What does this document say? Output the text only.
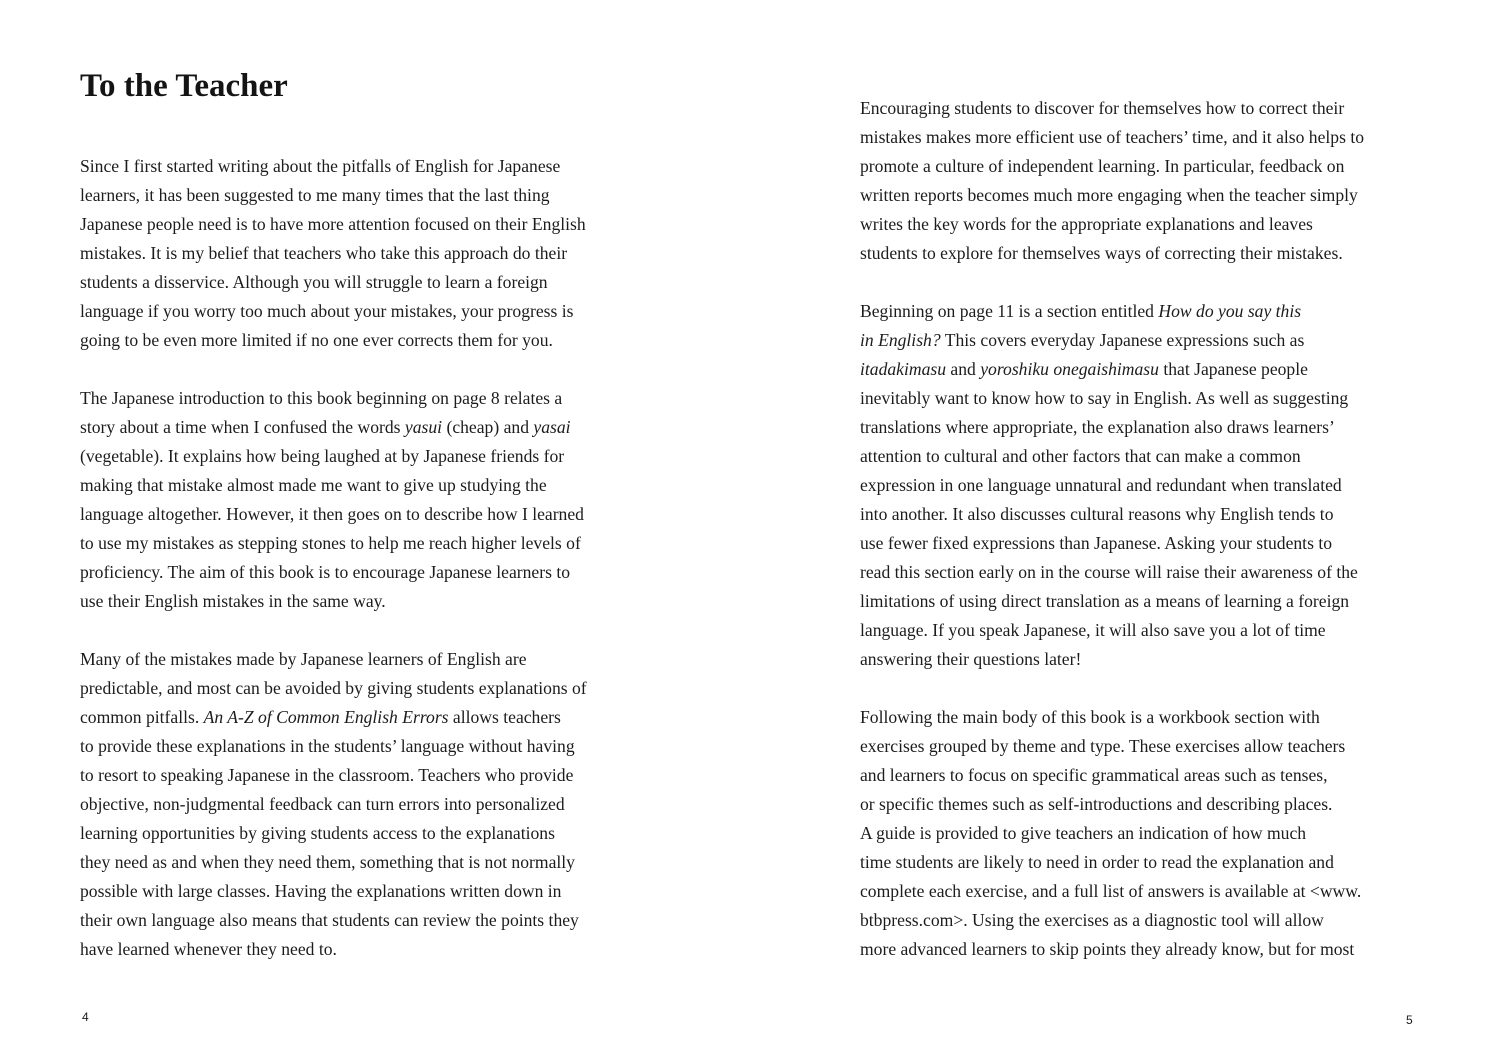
To the Teacher
Since I first started writing about the pitfalls of English for Japanese
learners, it has been suggested to me many times that the last thing
Japanese people need is to have more attention focused on their English
mistakes. It is my belief that teachers who take this approach do their
students a disservice. Although you will struggle to learn a foreign
language if you worry too much about your mistakes, your progress is
going to be even more limited if no one ever corrects them for you.
The Japanese introduction to this book beginning on page 8 relates a
story about a time when I confused the words yasui (cheap) and yasai
(vegetable). It explains how being laughed at by Japanese friends for
making that mistake almost made me want to give up studying the
language altogether. However, it then goes on to describe how I learned
to use my mistakes as stepping stones to help me reach higher levels of
proficiency. The aim of this book is to encourage Japanese learners to
use their English mistakes in the same way.
Many of the mistakes made by Japanese learners of English are
predictable, and most can be avoided by giving students explanations of
common pitfalls. An A-Z of Common English Errors allows teachers
to provide these explanations in the students’ language without having
to resort to speaking Japanese in the classroom. Teachers who provide
objective, non-judgmental feedback can turn errors into personalized
learning opportunities by giving students access to the explanations
they need as and when they need them, something that is not normally
possible with large classes. Having the explanations written down in
their own language also means that students can review the points they
have learned whenever they need to.
4
Encouraging students to discover for themselves how to correct their
mistakes makes more efficient use of teachers’ time, and it also helps to
promote a culture of independent learning. In particular, feedback on
written reports becomes much more engaging when the teacher simply
writes the key words for the appropriate explanations and leaves
students to explore for themselves ways of correcting their mistakes.
Beginning on page 11 is a section entitled How do you say this
in English? This covers everyday Japanese expressions such as
itadakimasu and yoroshiku onegaishimasu that Japanese people
inevitably want to know how to say in English. As well as suggesting
translations where appropriate, the explanation also draws learners’
attention to cultural and other factors that can make a common
expression in one language unnatural and redundant when translated
into another. It also discusses cultural reasons why English tends to
use fewer fixed expressions than Japanese. Asking your students to
read this section early on in the course will raise their awareness of the
limitations of using direct translation as a means of learning a foreign
language. If you speak Japanese, it will also save you a lot of time
answering their questions later!
Following the main body of this book is a workbook section with
exercises grouped by theme and type. These exercises allow teachers
and learners to focus on specific grammatical areas such as tenses,
or specific themes such as self-introductions and describing places.
A guide is provided to give teachers an indication of how much
time students are likely to need in order to read the explanation and
complete each exercise, and a full list of answers is available at <www.
btbpress.com>. Using the exercises as a diagnostic tool will allow
more advanced learners to skip points they already know, but for most
5
